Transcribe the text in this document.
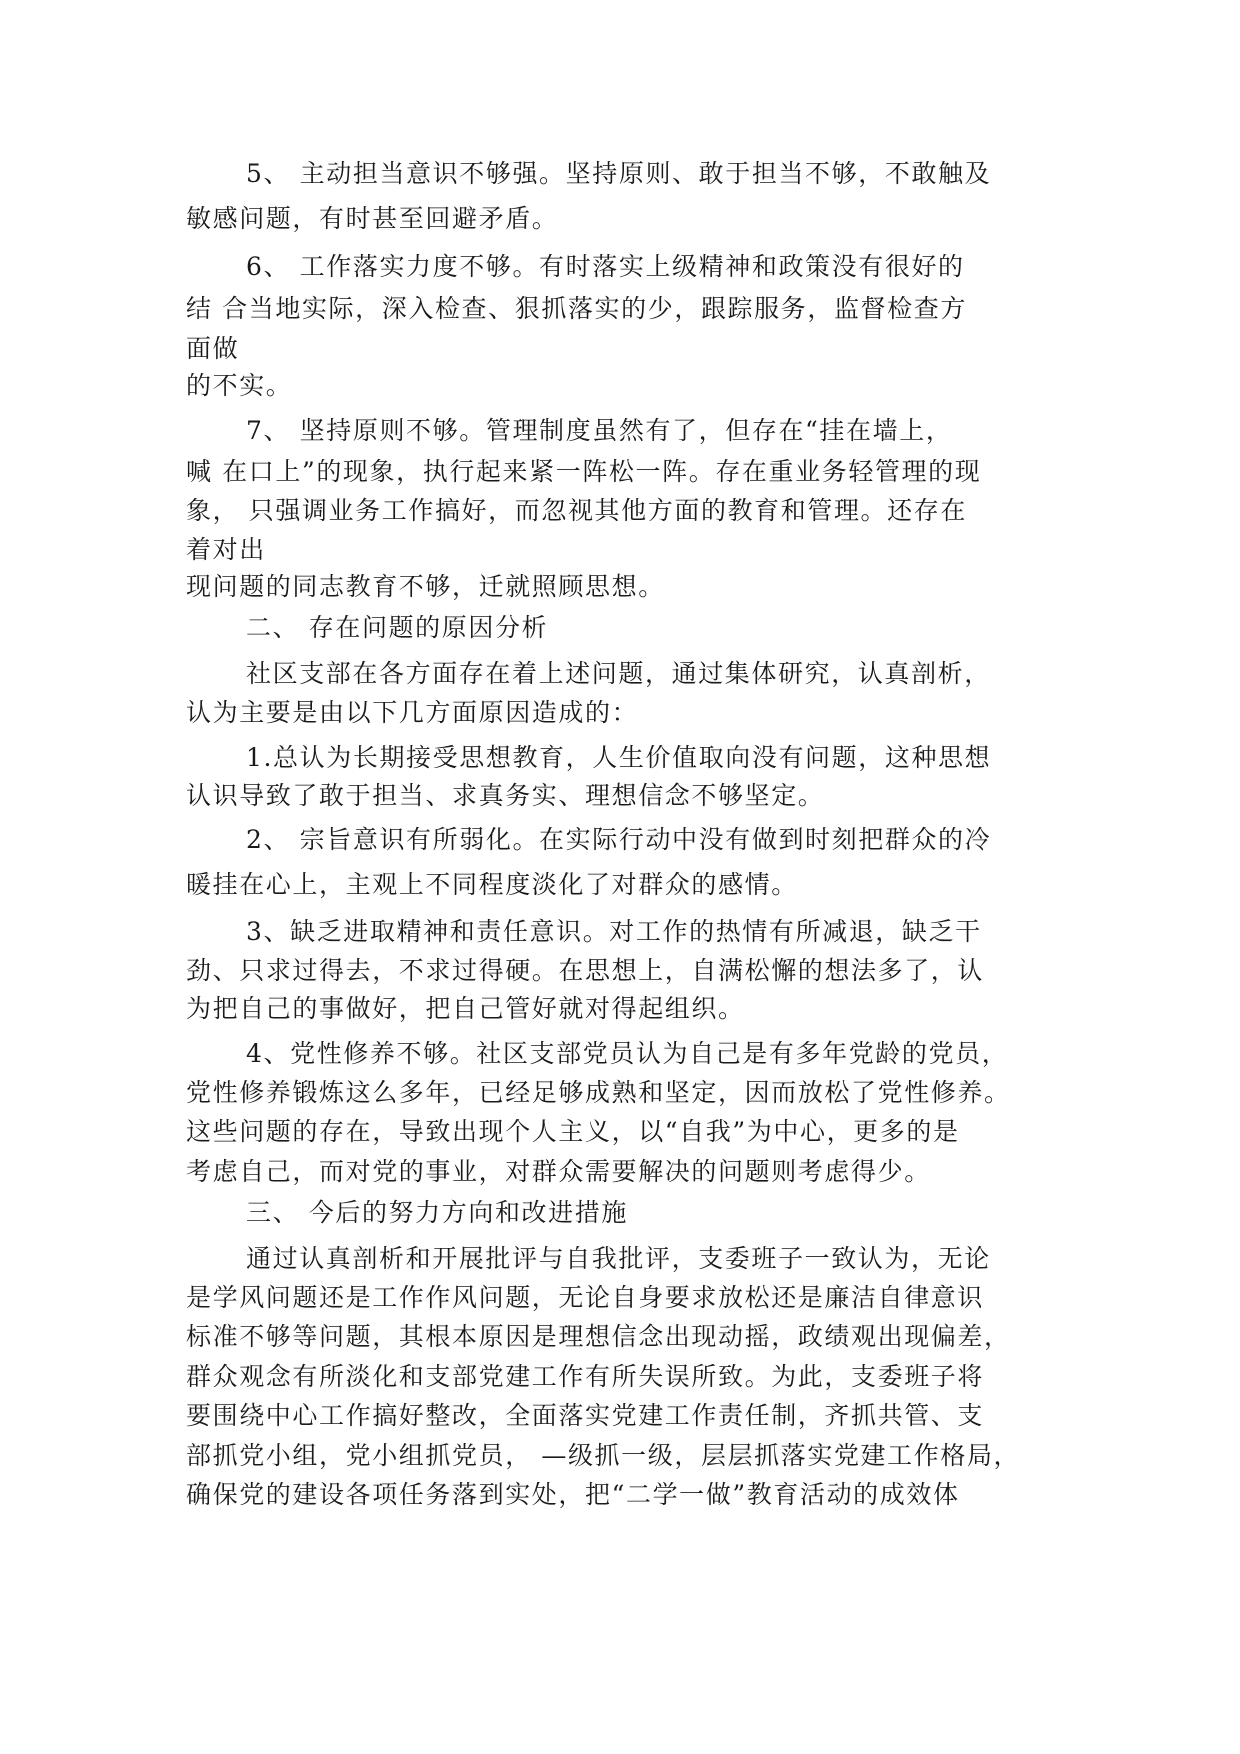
5、 主动担当意识不够强。坚持原则、敢于担当不够，不敢触及
敏感问题，有时甚至回避矛盾。
6、 工作落实力度不够。有时落实上级精神和政策没有很好的
结 合当地实际，深入检查、狠抓落实的少，跟踪服务，监督检查方
面做
的不实。
7、 坚持原则不够。管理制度虽然有了，但存在“挂在墙上，
喊 在口上”的现象，执行起来紧一阵松一阵。存在重业务轻管理的现
象， 只强调业务工作搞好，而忽视其他方面的教育和管理。还存在
着对出
现问题的同志教育不够，迁就照顾思想。
二、 存在问题的原因分析
社区支部在各方面存在着上述问题，通过集体研究，认真剖析，
认为主要是由以下几方面原因造成的：
1.总认为长期接受思想教育，人生价值取向没有问题，这种思想
认识导致了敢于担当、求真务实、理想信念不够坚定。
2、 宗旨意识有所弱化。在实际行动中没有做到时刻把群众的冷
暖挂在心上，主观上不同程度淡化了对群众的感情。
3、缺乏进取精神和责任意识。对工作的热情有所减退，缺乏干
劲、只求过得去，不求过得硬。在思想上，自满松懈的想法多了，认
为把自己的事做好，把自己管好就对得起组织。
4、党性修养不够。社区支部党员认为自己是有多年党龄的党员，
党性修养锻炼这么多年，已经足够成熟和坚定，因而放松了党性修养。
这些问题的存在，导致出现个人主义，以“自我”为中心，更多的是
考虑自己，而对党的事业，对群众需要解决的问题则考虑得少。
三、 今后的努力方向和改进措施
通过认真剖析和开展批评与自我批评，支委班子一致认为，无论
是学风问题还是工作作风问题，无论自身要求放松还是廉洁自律意识
标准不够等问题，其根本原因是理想信念出现动摇，政绩观出现偏差，
群众观念有所淡化和支部党建工作有所失误所致。为此，支委班子将
要围绕中心工作搞好整改，全面落实党建工作责任制，齐抓共管、支
部抓党小组，党小组抓党员， —级抓一级，层层抓落实党建工作格局，
确保党的建设各项任务落到实处，把“二学一做”教育活动的成效体
